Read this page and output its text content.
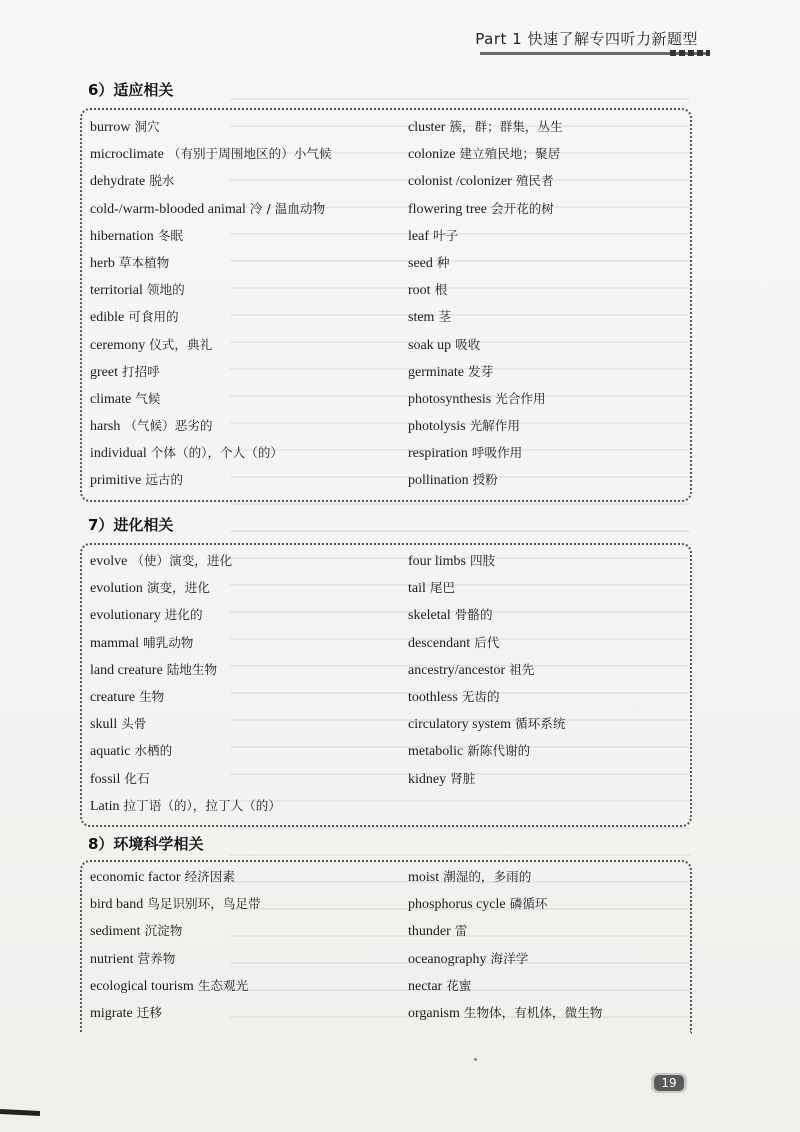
Part 1 快速了解专四听力新题型
6）适应相关
burrow 洞穴
microclimate （有别于周围地区的）小气候
dehydrate 脱水
cold-/warm-blooded animal 冷 / 温血动物
hibernation 冬眠
herb 草本植物
territorial 领地的
edible 可食用的
ceremony 仪式，典礼
greet 打招呼
climate 气候
harsh （气候）恶劣的
individual 个体（的），个人（的）
primitive 远古的
cluster 簇，群；群集，丛生
colonize 建立殖民地；聚居
colonist /colonizer 殖民者
flowering tree 会开花的树
leaf 叶子
seed 种
root 根
stem 茎
soak up 吸收
germinate 发芽
photosynthesis 光合作用
photolysis 光解作用
respiration 呼吸作用
pollination 授粉
7）进化相关
evolve （使）演变，进化
evolution 演变，进化
evolutionary 进化的
mammal 哺乳动物
land creature 陆地生物
creature 生物
skull 头骨
aquatic 水栖的
fossil 化石
Latin 拉丁语（的），拉丁人（的）
four limbs 四肢
tail 尾巴
skeletal 骨骼的
descendant 后代
ancestry/ancestor 祖先
toothless 无齿的
circulatory system 循环系统
metabolic 新陈代谢的
kidney 肾脏
8）环境科学相关
economic factor 经济因素
bird band 鸟足识别环，鸟足带
sediment 沉淀物
nutrient 营养物
ecological tourism 生态观光
migrate 迁移
moist 潮湿的，多雨的
phosphorus cycle 磷循环
thunder 雷
oceanography 海洋学
nectar 花蜜
organism 生物体，有机体，微生物
19
